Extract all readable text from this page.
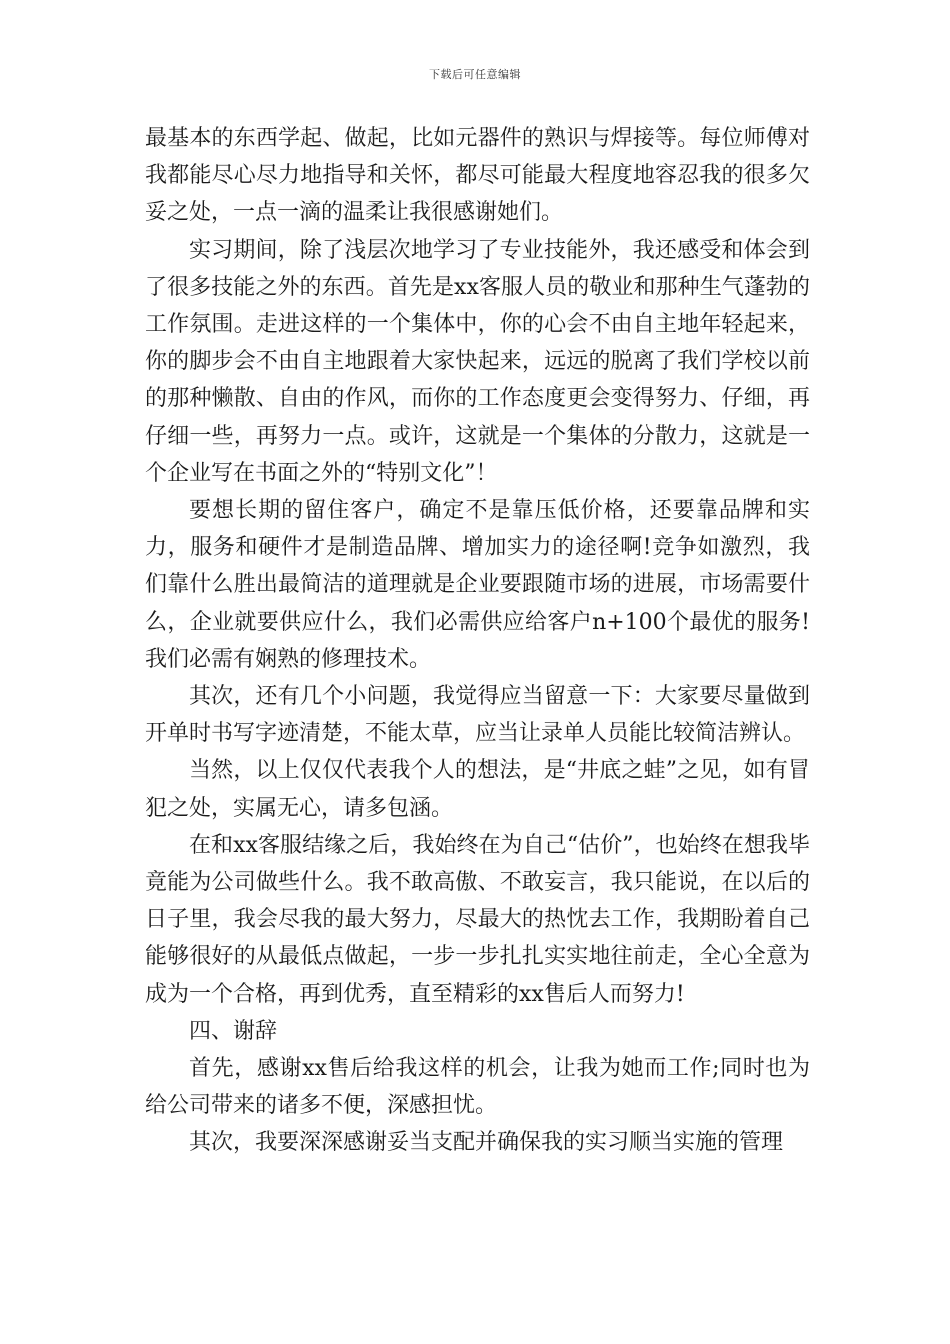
下载后可任意编辑

最基本的东西学起、做起，比如元器件的熟识与焊接等。每位师傅对我都能尽心尽力地指导和关怀，都尽可能最大程度地容忍我的很多欠妥之处，一点一滴的温柔让我很感谢她们。

实习期间，除了浅层次地学习了专业技能外，我还感受和体会到了很多技能之外的东西。首先是xx客服人员的敬业和那种生气蓬勃的工作氛围。走进这样的一个集体中，你的心会不由自主地年轻起来，你的脚步会不由自主地跟着大家快起来，远远的脱离了我们学校以前的那种懒散、自由的作风，而你的工作态度更会变得努力、仔细，再仔细一些，再努力一点。或许，这就是一个集体的分散力，这就是一个企业写在书面之外的“特别文化”！

要想长期的留住客户，确定不是靠压低价格，还要靠品牌和实力，服务和硬件才是制造品牌、增加实力的途径啊!竞争如激烈，我们靠什么胜出最简洁的道理就是企业要跟随市场的进展，市场需要什么，企业就要供应什么，我们必需供应给客户n+100个最优的服务! 我们必需有娴熟的修理技术。

其次，还有几个小问题，我觉得应当留意一下：大家要尽量做到开单时书写字迹清楚，不能太草，应当让录单人员能比较简洁辨认。

当然，以上仅仅代表我个人的想法，是“井底之蛙”之见，如有冒犯之处，实属无心，请多包涵。

在和xx客服结缘之后，我始终在为自己“估价”，也始终在想我毕竟能为公司做些什么。我不敢高傲、不敢妄言，我只能说，在以后的日子里，我会尽我的最大努力，尽最大的热忱去工作，我期盼着自己能够很好的从最低点做起，一步一步扎扎实实地往前走，全心全意为成为一个合格，再到优秀，直至精彩的xx售后人而努力!

四、谢辞

首先，感谢xx售后给我这样的机会，让我为她而工作;同时也为给公司带来的诸多不便，深感担忧。

其次，我要深深感谢妥当支配并确保我的实习顺当实施的管理
